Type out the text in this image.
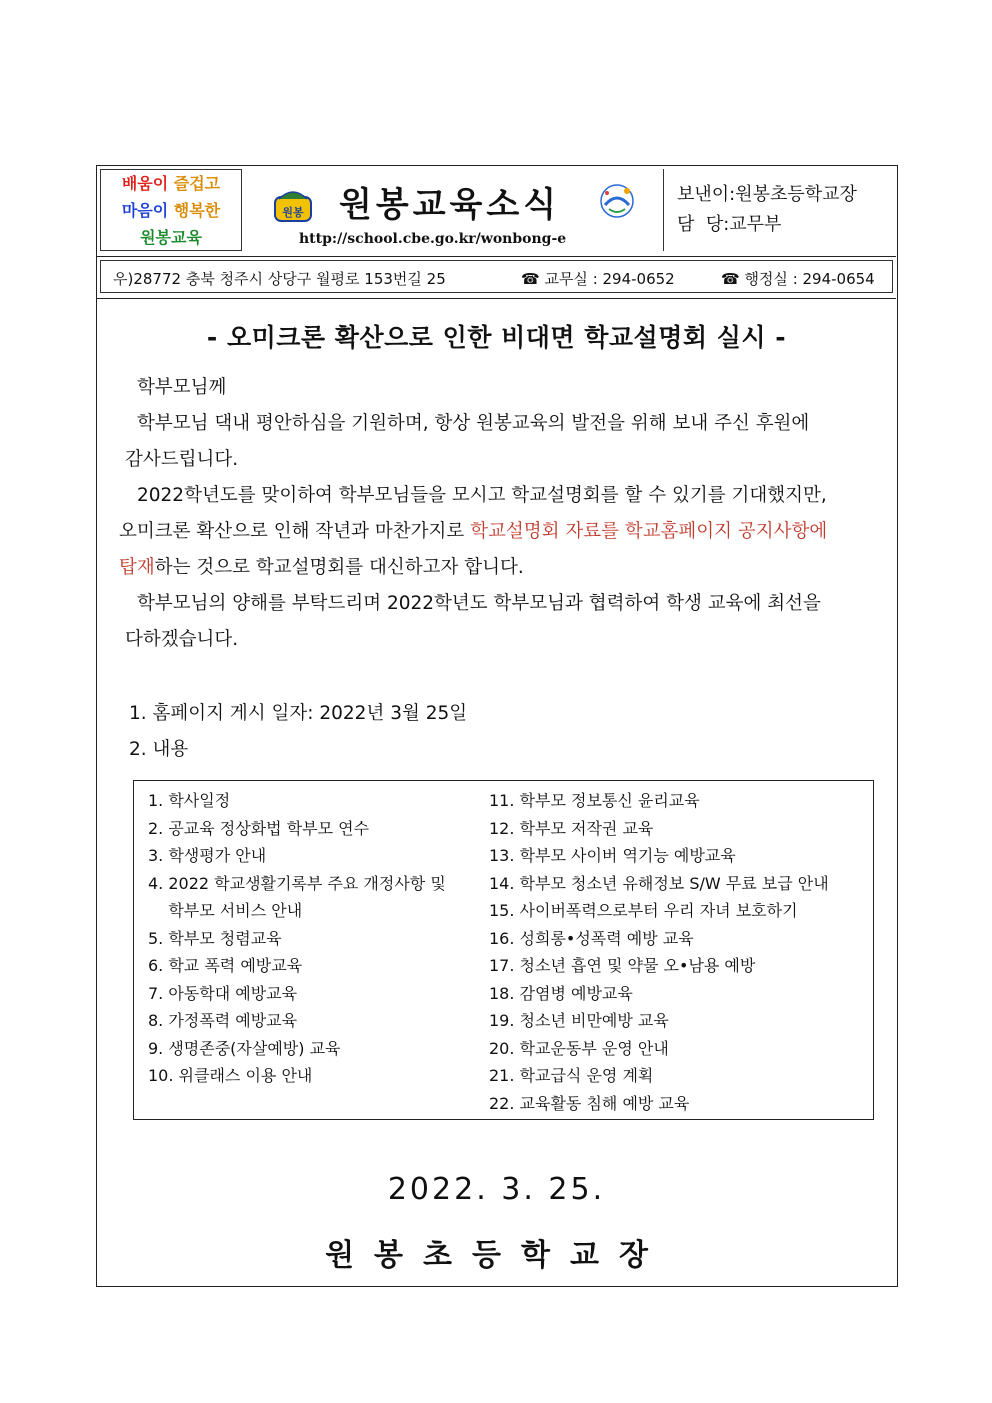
배움이 즐겁고
마음이 행복한
원봉교육
원봉 원봉교육소식
http://school.cbe.go.kr/wonbong-e
보낸이:원봉초등학교장
담  당:교무부
우)28772 충북 청주시 상당구 월평로 153번길 25	☎ 교무실 : 294-0652	☎ 행정실 : 294-0654
- 오미크론 확산으로 인한 비대면 학교설명회 실시 -
학부모님께
학부모님 댁내 평안하심을 기원하며, 항상 원봉교육의 발전을 위해 보내 주신 후원에
감사드립니다.
2022학년도를 맞이하여 학부모님들을 모시고 학교설명회를 할 수 있기를 기대했지만,
오미크론 확산으로 인해 작년과 마찬가지로 학교설명회 자료를 학교홈페이지 공지사항에
탑재하는 것으로 학교설명회를 대신하고자 합니다.
학부모님의 양해를 부탁드리며 2022학년도 학부모님과 협력하여 학생 교육에 최선을
다하겠습니다.
1. 홈페이지 게시 일자: 2022년 3월 25일
2. 내용
1. 학사일정
2. 공교육 정상화법 학부모 연수
3. 학생평가 안내
4. 2022 학교생활기록부 주요 개정사항 및
학부모 서비스 안내
5. 학부모 청렴교육
6. 학교 폭력 예방교육
7. 아동학대 예방교육
8. 가정폭력 예방교육
9. 생명존중(자살예방) 교육
10. 위클래스 이용 안내
11. 학부모 정보통신 윤리교육
12. 학부모 저작권 교육
13. 학부모 사이버 역기능 예방교육
14. 학부모 청소년 유해정보 S/W 무료 보급 안내
15. 사이버폭력으로부터 우리 자녀 보호하기
16. 성희롱•성폭력 예방 교육
17. 청소년 흡연 및 약물 오•남용 예방
18. 감염병 예방교육
19. 청소년 비만예방 교육
20. 학교운동부 운영 안내
21. 학교급식 운영 계획
22. 교육활동 침해 예방 교육
2022. 3. 25.
원봉초등학교장
